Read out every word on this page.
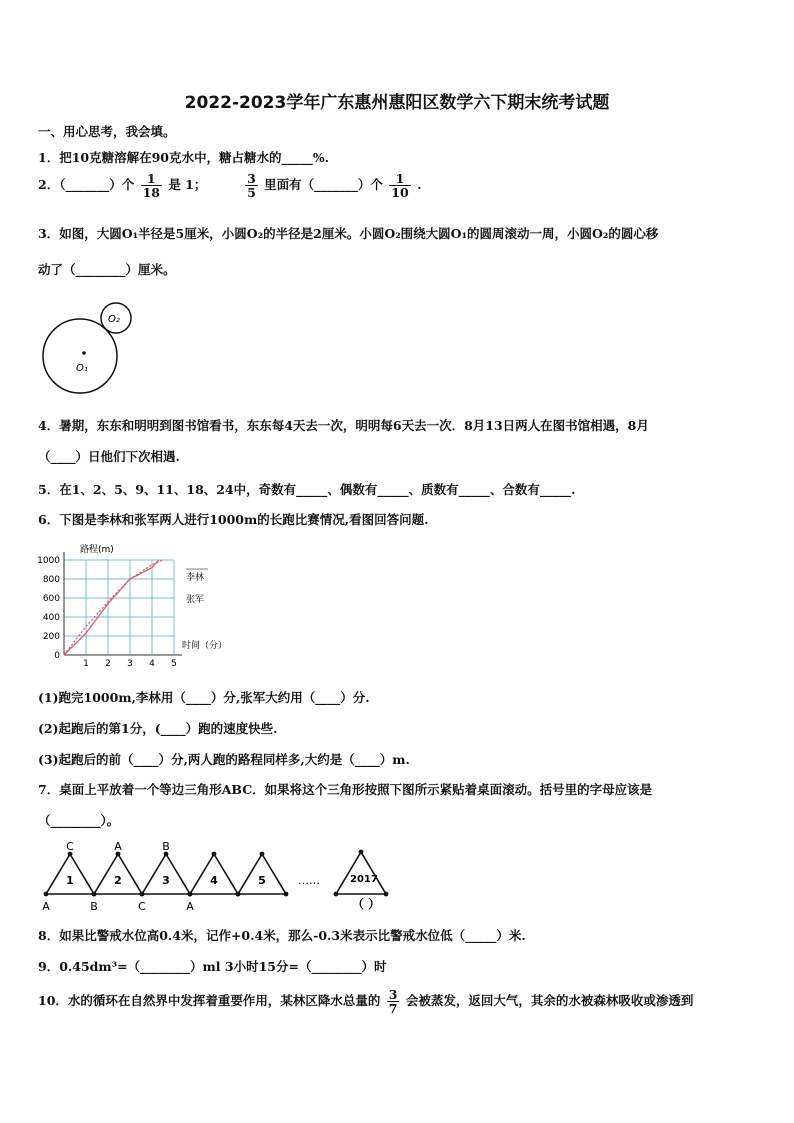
2022-2023学年广东惠州惠阳区数学六下期末统考试题
一、用心思考，我会填。
1．把10克糖溶解在90克水中，糖占糖水的_____%.
2．（_______）个 $\frac{1}{18}$ 是 1；	$\frac{3}{5}$ 里面有（_______）个 $\frac{1}{10}$ .
3．如图，大圆O₁半径是5厘米，小圆O₂的半径是2厘米。小圆O₂围绕大圆O₁的圆周滚动一周，小圆O₂的圆心移
动了（________）厘米。
O₁
O₂
4．暑期，东东和明明到图书馆看书，东东每4天去一次，明明每6天去一次．8月13日两人在图书馆相遇，8月
（____）日他们下次相遇.
5．在1、2、5、9、11、18、24中，奇数有_____、偶数有_____、质数有_____、合数有_____.
6．下图是李林和张军两人进行1000m的长跑比赛情况,看图回答问题.
0
200
400
600
800
1000
1 2 3 4 5
路程(m)
时间（分）
李林
张军
(1)跑完1000m,李林用（____）分,张军大约用（____）分.
(2)起跑后的第1分，(____）跑的速度快些.
(3)起跑后的前（____）分,两人跑的路程同样多,大约是（____）m.
7．桌面上平放着一个等边三角形ABC．如果将这个三角形按照下图所示紧贴着桌面滚动。括号里的字母应该是
（________）。
1	2	3	4	5
A	B	C	A
C	A	B
……	2017
（ ）
8．如果比警戒水位高0.4米，记作+0.4米，那么-0.3米表示比警戒水位低（_____）米.
9．0.45dm³=（________）ml 3小时15分=（________）时
10．水的循环在自然界中发挥着重要作用，某林区降水总量的 $\frac{3}{7}$ 会被蒸发，返回大气，其余的水被森林吸收或渗透到
